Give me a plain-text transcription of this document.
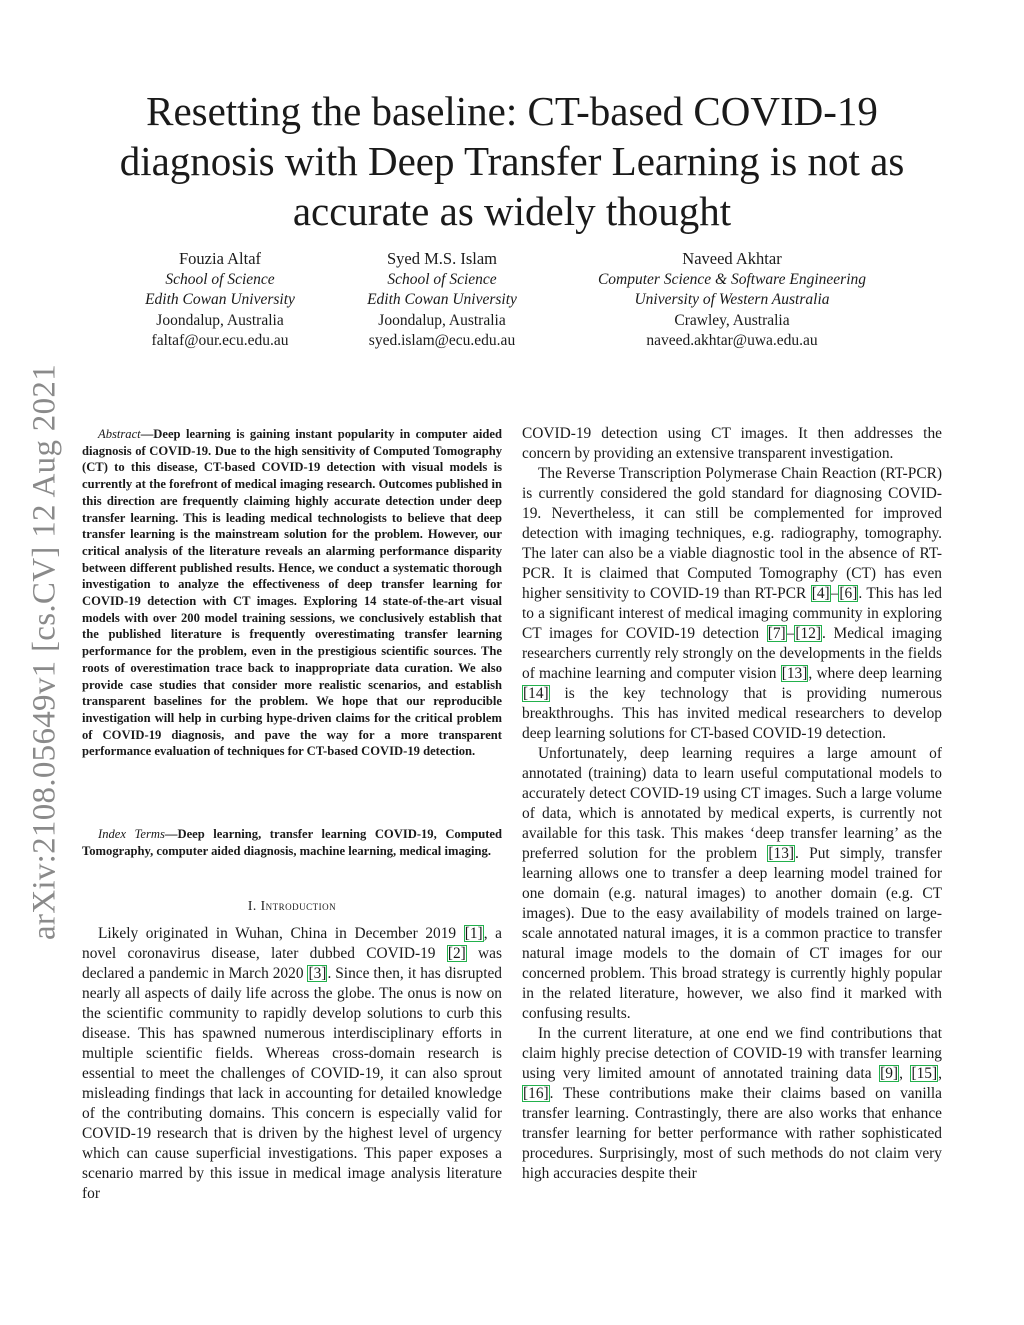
arXiv:2108.05649v1 [cs.CV] 12 Aug 2021
Resetting the baseline: CT-based COVID-19
diagnosis with Deep Transfer Learning is not as
accurate as widely thought
Fouzia Altaf
School of Science
Edith Cowan University
Joondalup, Australia
faltaf@our.ecu.edu.au
Syed M.S. Islam
School of Science
Edith Cowan University
Joondalup, Australia
syed.islam@ecu.edu.au
Naveed Akhtar
Computer Science & Software Engineering
University of Western Australia
Crawley, Australia
naveed.akhtar@uwa.edu.au

Abstract—Deep learning is gaining instant popularity in computer aided diagnosis of COVID-19. Due to the high sensitivity of Computed Tomography (CT) to this disease, CT-based COVID-19 detection with visual models is currently at the forefront of medical imaging research. Outcomes published in this direction are frequently claiming highly accurate detection under deep transfer learning. This is leading medical technologists to believe that deep transfer learning is the mainstream solution for the problem. However, our critical analysis of the literature reveals an alarming performance disparity between different published results. Hence, we conduct a systematic thorough investigation to analyze the effectiveness of deep transfer learning for COVID-19 detection with CT images. Exploring 14 state-of-the-art visual models with over 200 model training sessions, we conclusively establish that the published literature is frequently overestimating transfer learning performance for the problem, even in the prestigious scientific sources. The roots of overestimation trace back to inappropriate data curation. We also provide case studies that consider more realistic scenarios, and establish transparent baselines for the problem. We hope that our reproducible investigation will help in curbing hype-driven claims for the critical problem of COVID-19 diagnosis, and pave the way for a more transparent performance evaluation of techniques for CT-based COVID-19 detection.

Index Terms—Deep learning, transfer learning COVID-19, Computed Tomography, computer aided diagnosis, machine learning, medical imaging.

I. Introduction

Likely originated in Wuhan, China in December 2019 [1], a novel coronavirus disease, later dubbed COVID-19 [2] was declared a pandemic in March 2020 [3]. Since then, it has disrupted nearly all aspects of daily life across the globe. The onus is now on the scientific community to rapidly develop solutions to curb this disease. This has spawned numerous interdisciplinary efforts in multiple scientific fields. Whereas cross-domain research is essential to meet the challenges of COVID-19, it can also sprout misleading findings that lack in accounting for detailed knowledge of the contributing domains. This concern is especially valid for COVID-19 research that is driven by the highest level of urgency which can cause superficial investigations. This paper exposes a scenario marred by this issue in medical image analysis literature for

COVID-19 detection using CT images. It then addresses the concern by providing an extensive transparent investigation.

The Reverse Transcription Polymerase Chain Reaction (RT-PCR) is currently considered the gold standard for diagnosing COVID-19. Nevertheless, it can still be complemented for improved detection with imaging techniques, e.g. radiography, tomography. The later can also be a viable diagnostic tool in the absence of RT-PCR. It is claimed that Computed Tomography (CT) has even higher sensitivity to COVID-19 than RT-PCR [4]–[6]. This has led to a significant interest of medical imaging community in exploring CT images for COVID-19 detection [7]–[12]. Medical imaging researchers currently rely strongly on the developments in the fields of machine learning and computer vision [13], where deep learning [14] is the key technology that is providing numerous breakthroughs. This has invited medical researchers to develop deep learning solutions for CT-based COVID-19 detection.

Unfortunately, deep learning requires a large amount of annotated (training) data to learn useful computational models to accurately detect COVID-19 using CT images. Such a large volume of data, which is annotated by medical experts, is currently not available for this task. This makes ‘deep transfer learning’ as the preferred solution for the problem [13]. Put simply, transfer learning allows one to transfer a deep learning model trained for one domain (e.g. natural images) to another domain (e.g. CT images). Due to the easy availability of models trained on large-scale annotated natural images, it is a common practice to transfer natural image models to the domain of CT images for our concerned problem. This broad strategy is currently highly popular in the related literature, however, we also find it marked with confusing results.

In the current literature, at one end we find contributions that claim highly precise detection of COVID-19 with transfer learning using very limited amount of annotated training data [9], [15], [16]. These contributions make their claims based on vanilla transfer learning. Contrastingly, there are also works that enhance transfer learning for better performance with rather sophisticated procedures. Surprisingly, most of such methods do not claim very high accuracies despite their
